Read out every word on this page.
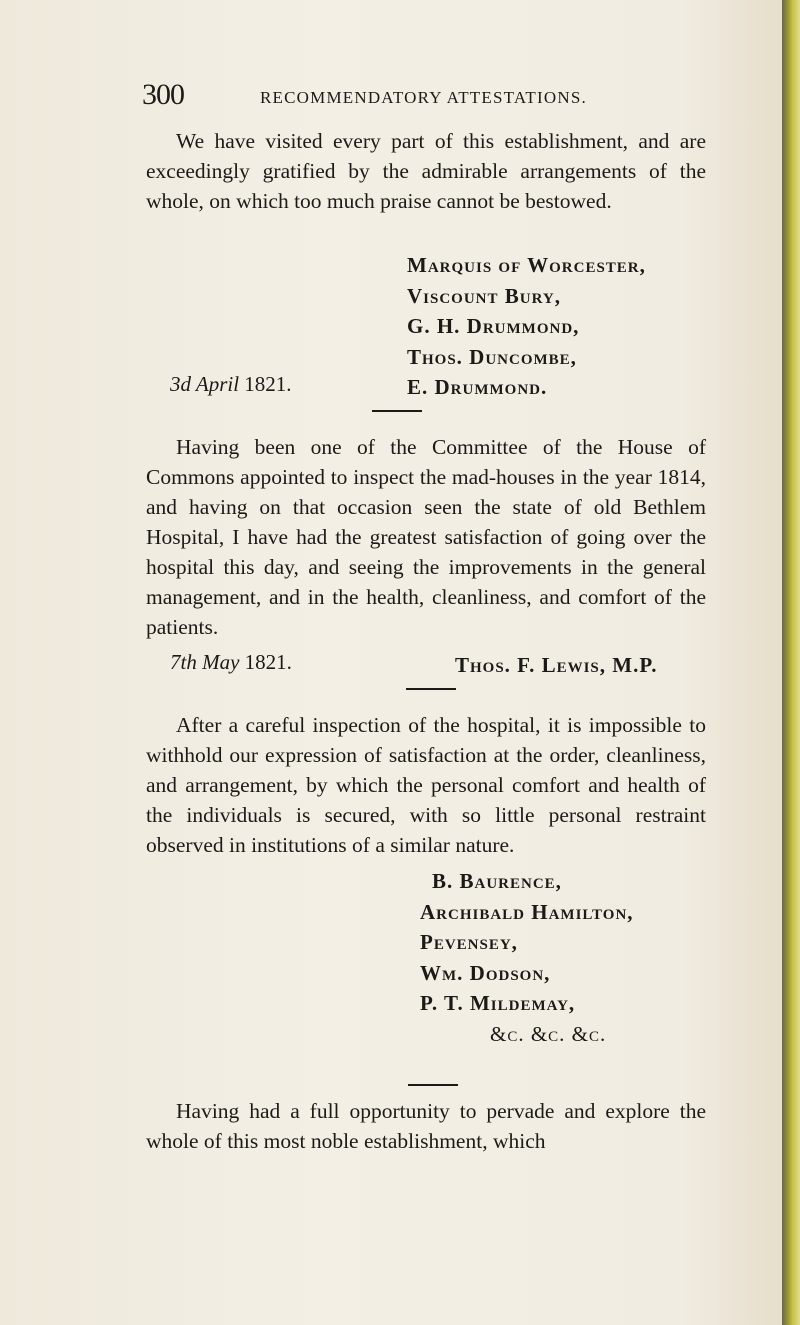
300	RECOMMENDATORY ATTESTATIONS.

We have visited every part of this establishment, and are exceedingly gratified by the admirable arrangements of the whole, on which too much praise cannot be bestowed.

Marquis of Worcester,
Viscount Bury,
G. H. Drummond,
Thos. Duncombe,
E. Drummond.
3d April 1821.

Having been one of the Committee of the House of Commons appointed to inspect the mad-houses in the year 1814, and having on that occasion seen the state of old Bethlem Hospital, I have had the greatest satisfaction of going over the hospital this day, and seeing the improvements in the general management, and in the health, cleanliness, and comfort of the patients.

7th May 1821.	Thos. F. Lewis, M.P.

After a careful inspection of the hospital, it is impossible to withhold our expression of satisfaction at the order, cleanliness, and arrangement, by which the personal comfort and health of the individuals is secured, with so little personal restraint observed in institutions of a similar nature.

B. Baurence,
Archibald Hamilton,
Pevensey,
Wm. Dodson,
P. T. Mildemay,
&c. &c. &c.

Having had a full opportunity to pervade and explore the whole of this most noble establishment, which
